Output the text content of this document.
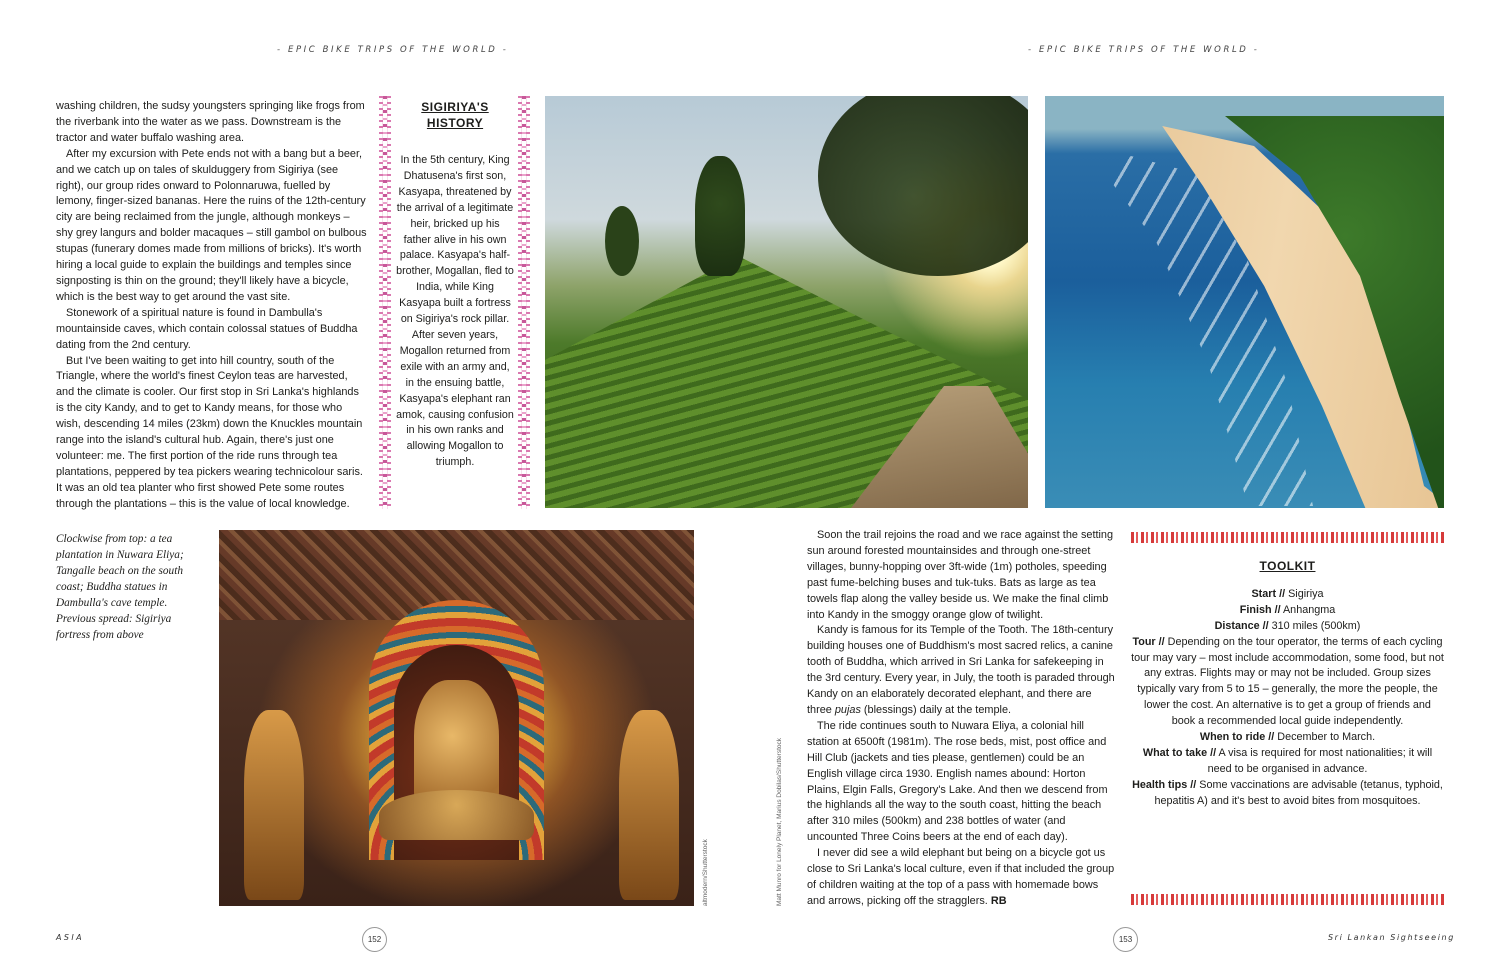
- EPIC BIKE TRIPS OF THE WORLD -	- EPIC BIKE TRIPS OF THE WORLD -

washing children, the sudsy youngsters springing like frogs from the riverbank into the water as we pass. Downstream is the tractor and water buffalo washing area.

After my excursion with Pete ends not with a bang but a beer, and we catch up on tales of skulduggery from Sigiriya (see right), our group rides onward to Polonnaruwa, fuelled by lemony, finger-sized bananas. Here the ruins of the 12th-century city are being reclaimed from the jungle, although monkeys – shy grey langurs and bolder macaques – still gambol on bulbous stupas (funerary domes made from millions of bricks). It's worth hiring a local guide to explain the buildings and temples since signposting is thin on the ground; they'll likely have a bicycle, which is the best way to get around the vast site.

Stonework of a spiritual nature is found in Dambulla's mountainside caves, which contain colossal statues of Buddha dating from the 2nd century.

But I've been waiting to get into hill country, south of the Triangle, where the world's finest Ceylon teas are harvested, and the climate is cooler. Our first stop in Sri Lanka's highlands is the city Kandy, and to get to Kandy means, for those who wish, descending 14 miles (23km) down the Knuckles mountain range into the island's cultural hub. Again, there's just one volunteer: me. The first portion of the ride runs through tea plantations, peppered by tea pickers wearing technicolour saris. It was an old tea planter who first showed Pete some routes through the plantations – this is the value of local knowledge.

SIGIRIYA'S
HISTORY

In the 5th century, King Dhatusena's first son, Kasyapa, threatened by the arrival of a legitimate heir, bricked up his father alive in his own palace. Kasyapa's half-brother, Mogallan, fled to India, while King Kasyapa built a fortress on Sigiriya's rock pillar. After seven years, Mogallon returned from exile with an army and, in the ensuing battle, Kasyapa's elephant ran amok, causing confusion in his own ranks and allowing Mogallon to triumph.

Clockwise from top: a tea plantation in Nuwara Eliya; Tangalle beach on the south coast; Buddha statues in Dambulla's cave temple. Previous spread: Sigiriya fortress from above
altmodern/Shutterstock	Matt Munro for Lonely Planet, Marius Dobilas/Shutterstock

Soon the trail rejoins the road and we race against the setting sun around forested mountainsides and through one-street villages, bunny-hopping over 3ft-wide (1m) potholes, speeding past fume-belching buses and tuk-tuks. Bats as large as tea towels flap along the valley beside us. We make the final climb into Kandy in the smoggy orange glow of twilight.

Kandy is famous for its Temple of the Tooth. The 18th-century building houses one of Buddhism's most sacred relics, a canine tooth of Buddha, which arrived in Sri Lanka for safekeeping in the 3rd century. Every year, in July, the tooth is paraded through Kandy on an elaborately decorated elephant, and there are three pujas (blessings) daily at the temple.

The ride continues south to Nuwara Eliya, a colonial hill station at 6500ft (1981m). The rose beds, mist, post office and Hill Club (jackets and ties please, gentlemen) could be an English village circa 1930. English names abound: Horton Plains, Elgin Falls, Gregory's Lake. And then we descend from the highlands all the way to the south coast, hitting the beach after 310 miles (500km) and 238 bottles of water (and uncounted Three Coins beers at the end of each day).

I never did see a wild elephant but being on a bicycle got us close to Sri Lanka's local culture, even if that included the group of children waiting at the top of a pass with homemade bows and arrows, picking off the stragglers. RB

TOOLKIT
Start // Sigiriya
Finish // Anhangma
Distance // 310 miles (500km)
Tour // Depending on the tour operator, the terms of each cycling tour may vary – most include accommodation, some food, but not any extras. Flights may or may not be included. Group sizes typically vary from 5 to 15 – generally, the more the people, the lower the cost. An alternative is to get a group of friends and book a recommended local guide independently.
When to ride // December to March.
What to take // A visa is required for most nationalities; it will need to be organised in advance.
Health tips // Some vaccinations are advisable (tetanus, typhoid, hepatitis A) and it's best to avoid bites from mosquitoes.
ASIA	152	153	Sri Lankan Sightseeing
